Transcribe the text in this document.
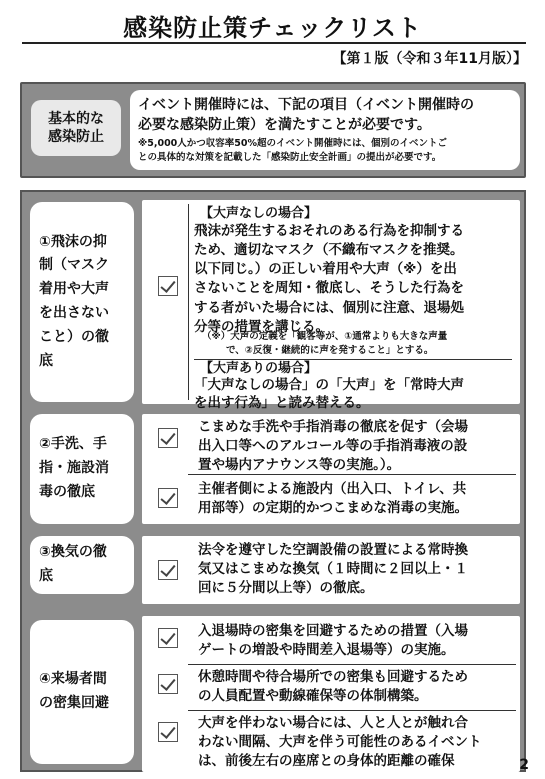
感染防止策チェックリスト
【第１版（令和３年11月版）】
基本的な
感染防止
イベント開催時には、下記の項目（イベント開催時の
必要な感染防止策）を満たすことが必要です。
※5,000人かつ収容率50%超のイベント開催時には、個別のイベントご
との具体的な対策を記載した「感染防止安全計画」の提出が必要です。
①飛沫の抑
制（マスク
着用や大声
を出さない
こと）の徹
底
【大声なしの場合】
飛沫が発生するおそれのある行為を抑制する
ため、適切なマスク（不織布マスクを推奨。
以下同じ。）の正しい着用や大声（※）を出
さないことを周知・徹底し、そうした行為を
する者がいた場合には、個別に注意、退場処
分等の措置を講じる。
（※）大声の定義を「観客等が、①通常よりも大きな声量
で、②反復・継続的に声を発すること」とする。
【大声ありの場合】
「大声なしの場合」の「大声」を「常時大声
を出す行為」と読み替える。
②手洗、手
指・施設消
毒の徹底
こまめな手洗や手指消毒の徹底を促す（会場
出入口等へのアルコール等の手指消毒液の設
置や場内アナウンス等の実施。）。
主催者側による施設内（出入口、トイレ、共
用部等）の定期的かつこまめな消毒の実施。
③換気の徹
底
法令を遵守した空調設備の設置による常時換
気又はこまめな換気（１時間に２回以上・１
回に５分間以上等）の徹底。
④来場者間
の密集回避
入退場時の密集を回避するための措置（入場
ゲートの増設や時間差入退場等）の実施。
休憩時間や待合場所での密集も回避するため
の人員配置や動線確保等の体制構築。
大声を伴わない場合には、人と人とが触れ合
わない間隔、大声を伴う可能性のあるイベント
は、前後左右の座席との身体的距離の確保	2
